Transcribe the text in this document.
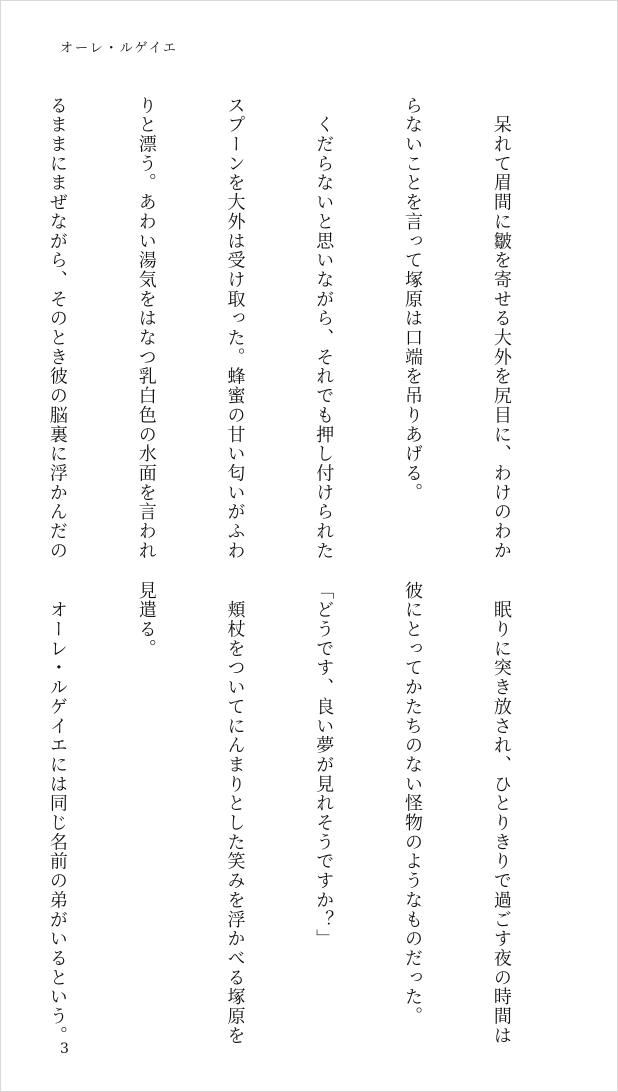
オーレ・ルゲイエ

　呆れて眉間に皺を寄せる大外を尻目に、わけのわか

らないことを言って塚原は口端を吊りあげる。

　くだらないと思いながら、それでも押し付けられた

スプーンを大外は受け取った。蜂蜜の甘い匂いがふわ

りと漂う。あわい湯気をはなつ乳白色の水面を言われ

るままにまぜながら、そのとき彼の脳裏に浮かんだの

　眠りに突き放され、ひとりきりで過ごす夜の時間は

彼にとってかたちのない怪物のようなものだった。

「どうです、良い夢が見れそうですか？」

　頬杖をついてにんまりとした笑みを浮かべる塚原を

見遣る。

　オーレ・ルゲイエには同じ名前の弟がいるという。

3
